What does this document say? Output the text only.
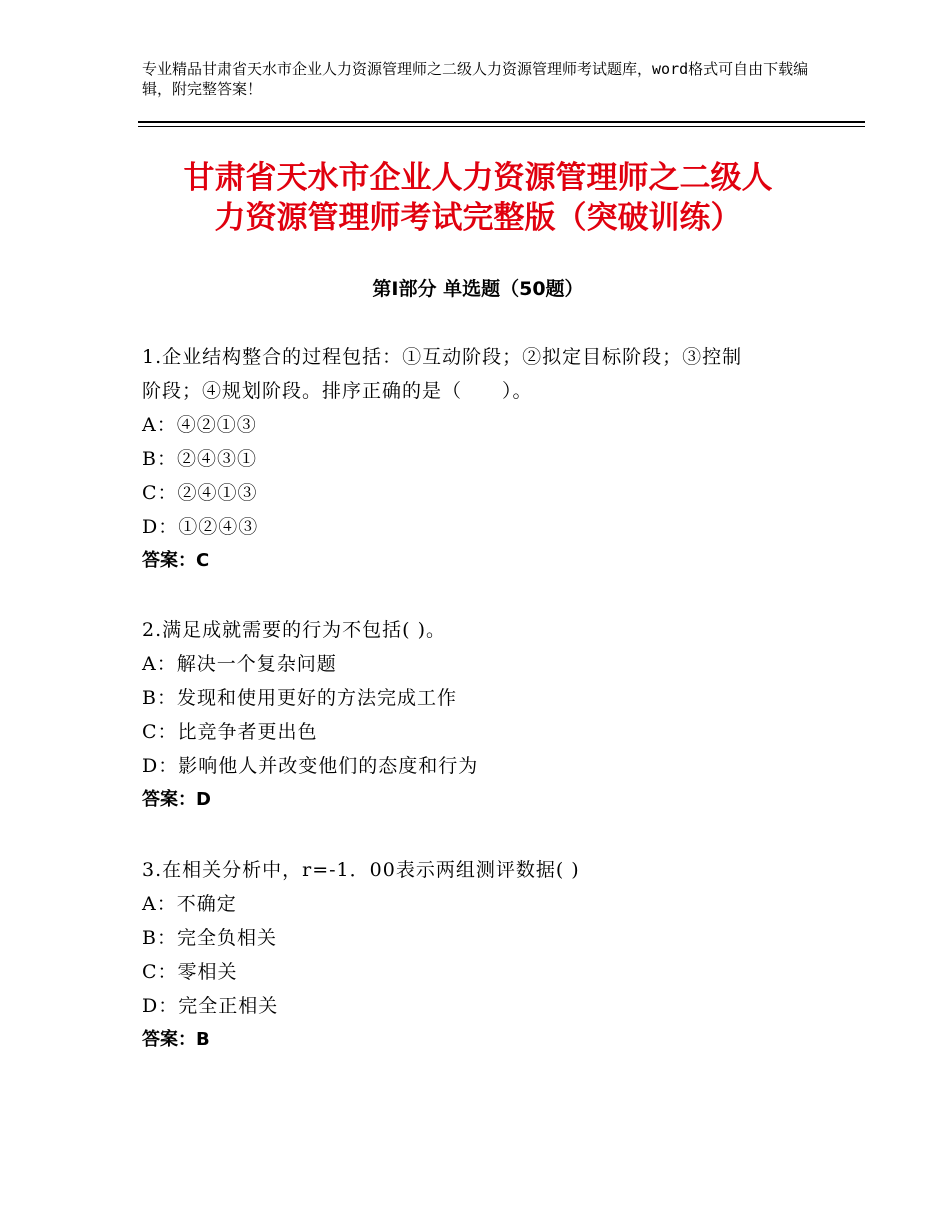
专业精品甘肃省天水市企业人力资源管理师之二级人力资源管理师考试题库，word格式可自由下载编辑，附完整答案！
甘肃省天水市企业人力资源管理师之二级人
力资源管理师考试完整版（突破训练）
第Ⅰ部分 单选题（50题）

1.企业结构整合的过程包括：①互动阶段；②拟定目标阶段；③控制

阶段；④规划阶段。排序正确的是（　　）。

A：④②①③

B：②④③①

C：②④①③

D：①②④③

答案：C

2.满足成就需要的行为不包括( )。

A：解决一个复杂问题

B：发现和使用更好的方法完成工作

C：比竞争者更出色

D：影响他人并改变他们的态度和行为

答案：D

3.在相关分析中，r=-1．00表示两组测评数据( )

A：不确定

B：完全负相关

C：零相关

D：完全正相关

答案：B
